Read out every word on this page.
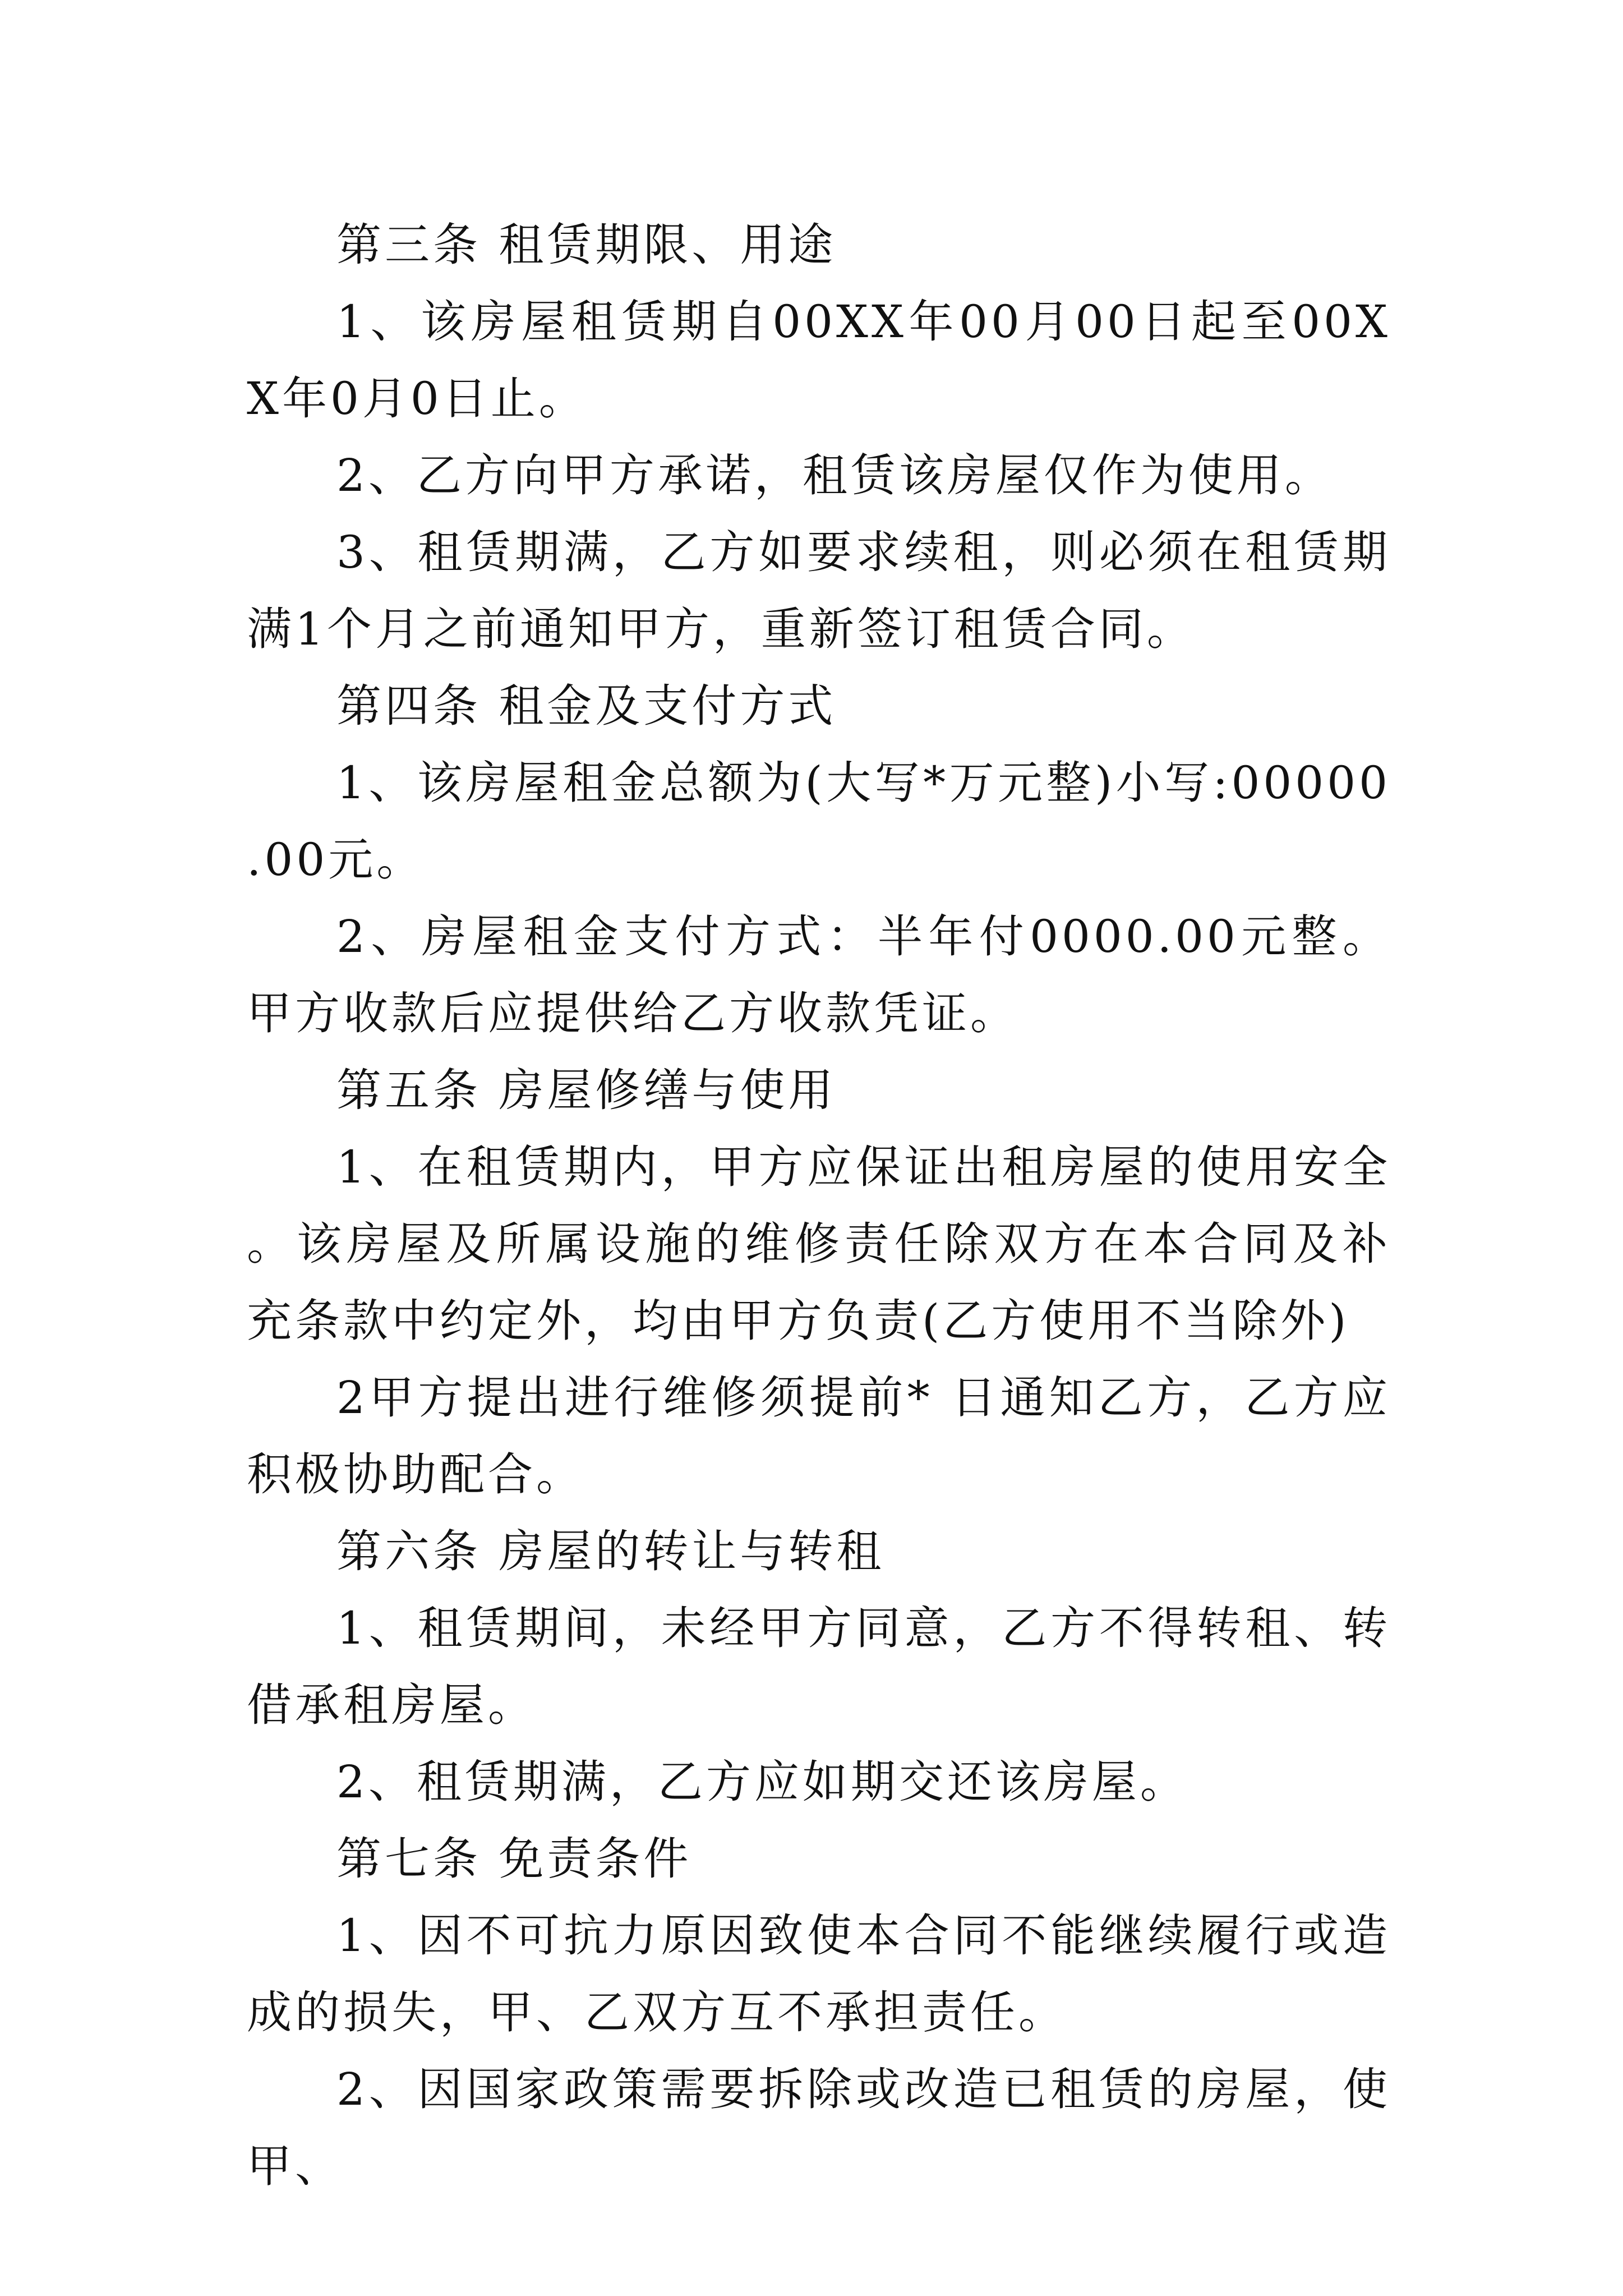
第三条 租赁期限、用途

1、该房屋租赁期自00XX年00月00日起至00XX年0月0日止。

2、乙方向甲方承诺，租赁该房屋仅作为使用。

3、租赁期满，乙方如要求续租，则必须在租赁期满1个月之前通知甲方，重新签订租赁合同。

第四条 租金及支付方式

1、该房屋租金总额为(大写*万元整)小写:00000.00元。

2、房屋租金支付方式：半年付0000.00元整。 甲方收款后应提供给乙方收款凭证。

第五条 房屋修缮与使用

1、在租赁期内，甲方应保证出租房屋的使用安全。该房屋及所属设施的维修责任除双方在本合同及补充条款中约定外，均由甲方负责(乙方使用不当除外)

2甲方提出进行维修须提前* 日通知乙方，乙方应积极协助配合。

第六条 房屋的转让与转租

1、租赁期间，未经甲方同意，乙方不得转租、转借承租房屋。

2、租赁期满，乙方应如期交还该房屋。

第七条 免责条件

1、因不可抗力原因致使本合同不能继续履行或造成的损失，甲、乙双方互不承担责任。

2、因国家政策需要拆除或改造已租赁的房屋，使甲、
